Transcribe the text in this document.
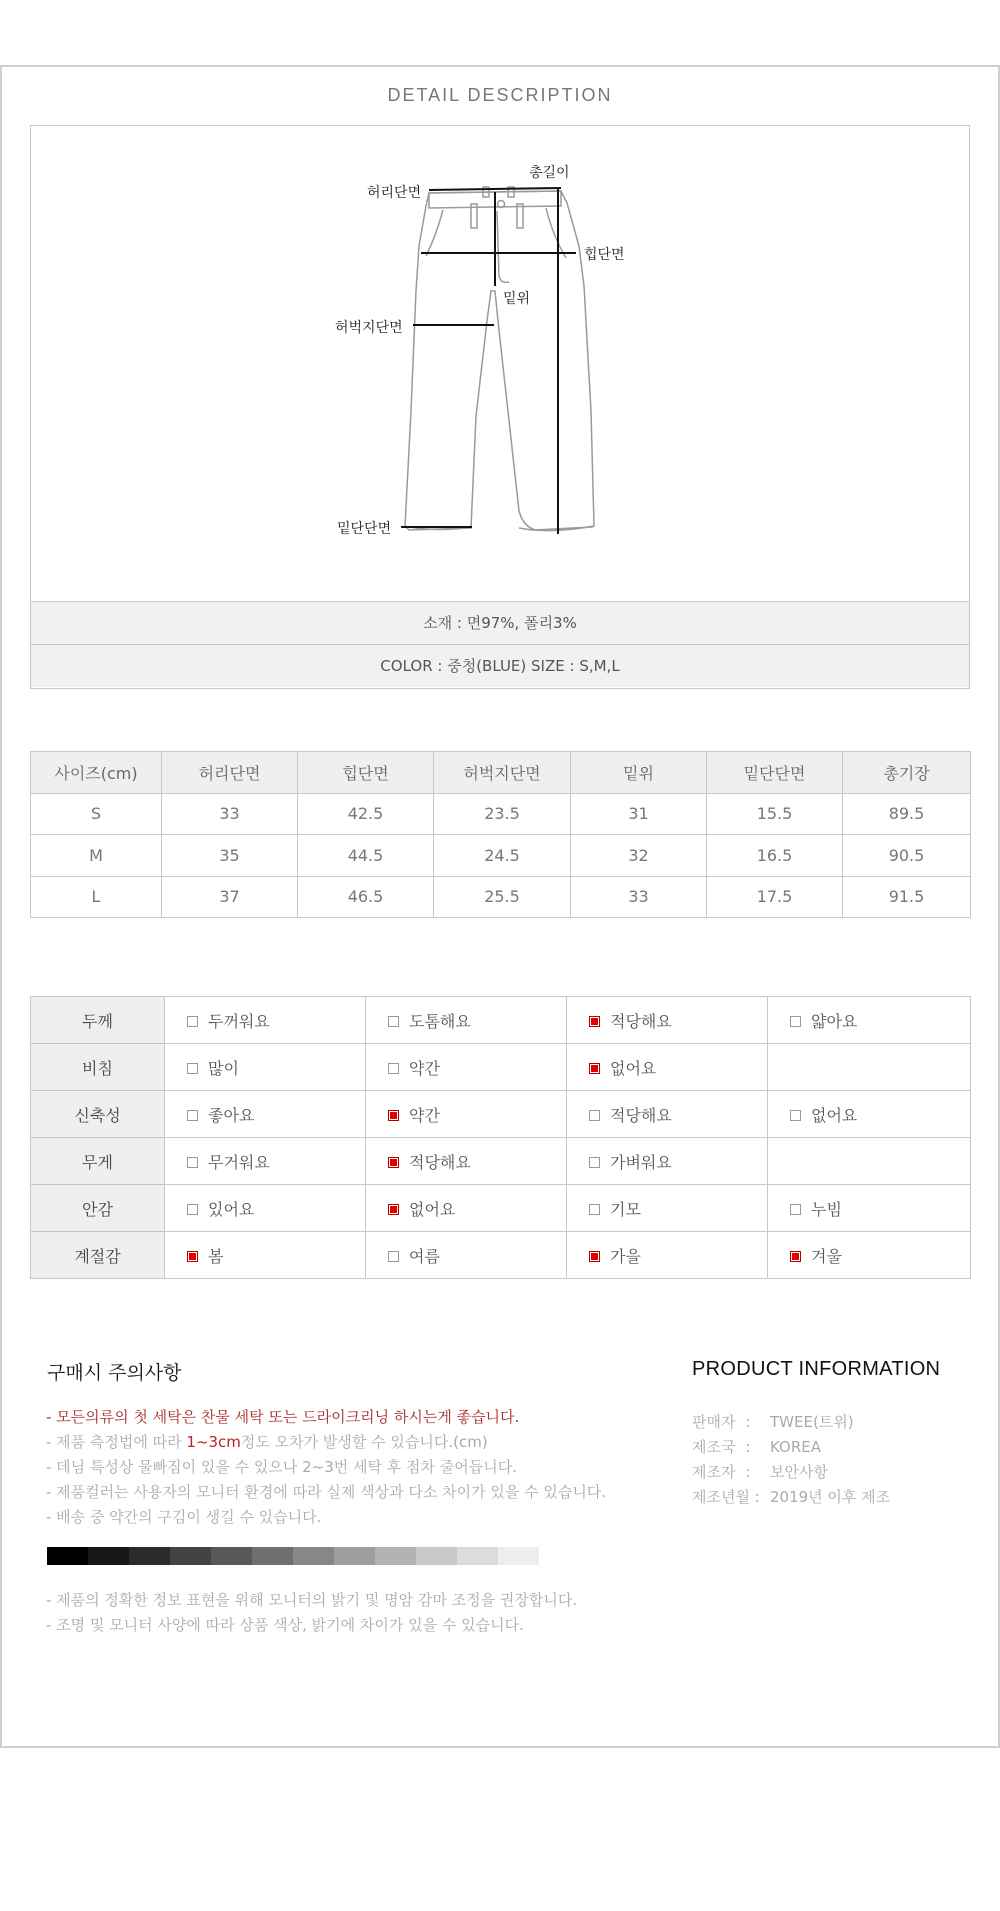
DETAIL DESCRIPTION
총길이
허리단면
힙단면
밑위
허벅지단면
밑단단면
소재 : 면97%, 폴리3%
COLOR : 중청(BLUE) SIZE : S,M,L
사이즈(cm)	허리단면	힙단면	허벅지단면	밑위	밑단단면	총기장
S	33	42.5	23.5	31	15.5	89.5
M	35	44.5	24.5	32	16.5	90.5
L	37	46.5	25.5	33	17.5	91.5
두께	두꺼워요	도톰해요	적당해요	얇아요
비침	많이	약간	없어요	
신축성	좋아요	약간	적당해요	없어요
무게	무거워요	적당해요	가벼워요	
안감	있어요	없어요	기모	누빔
계절감	봄	여름	가을	겨울
구매시 주의사항
- 모든의류의 첫 세탁은 찬물 세탁 또는 드라이크리닝 하시는게 좋습니다.
- 제품 측정법에 따라 1~3cm정도 오차가 발생할 수 있습니다.(cm)
- 데님 특성상 물빠짐이 있을 수 있으나 2~3번 세탁 후 점차 줄어듭니다.
- 제품컬러는 사용자의 모니터 환경에 따라 실제 색상과 다소 차이가 있을 수 있습니다.
- 배송 중 약간의 구김이 생길 수 있습니다.
- 제품의 정확한 정보 표현을 위해 모니터의 밝기 및 명암 감마 조정을 권장합니다.
- 조명 및 모니터 사양에 따라 상품 색상, 밝기에 차이가 있을 수 있습니다.
PRODUCT INFORMATION
판매자  : TWEE(트위)
제조국  : KOREA
제조자  : 보안사항
제조년월 : 2019년 이후 제조
